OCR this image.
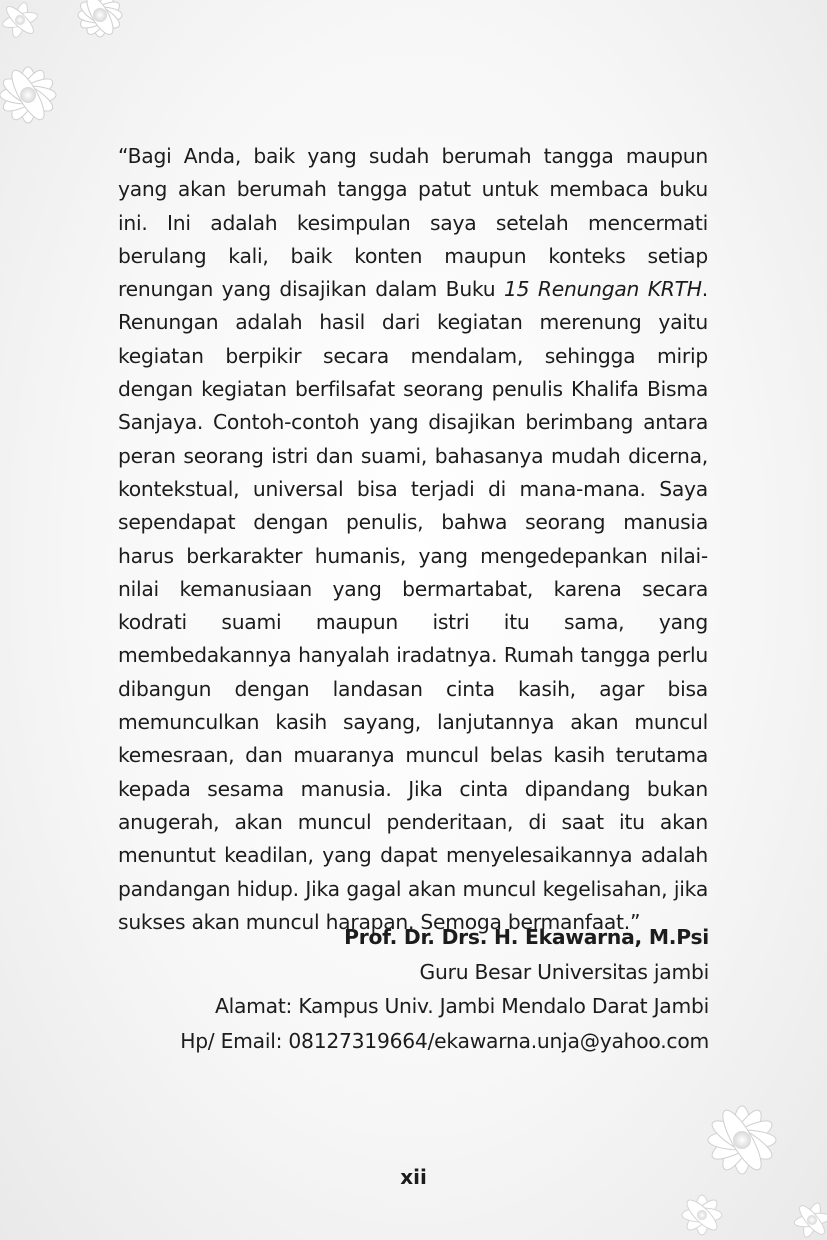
“Bagi Anda, baik yang sudah berumah tangga maupun yang akan berumah tangga patut untuk membaca buku ini. Ini adalah kesimpulan saya setelah mencermati berulang kali, baik konten maupun konteks setiap renungan yang disajikan dalam Buku 15 Renungan KRTH. Renungan adalah hasil dari kegiatan merenung yaitu kegiatan berpikir secara mendalam, sehingga mirip dengan kegiatan berfilsafat seorang penulis Khalifa Bisma Sanjaya. Contoh-contoh yang disajikan berimbang antara peran seorang istri dan suami, bahasanya mudah dicerna, kontekstual, universal bisa terjadi di mana-mana. Saya sependapat dengan penulis, bahwa seorang manusia harus berkarakter humanis, yang mengedepankan nilai-nilai kemanusiaan yang bermartabat, karena secara kodrati suami maupun istri itu sama, yang membedakannya hanyalah iradatnya. Rumah tangga perlu dibangun dengan landasan cinta kasih, agar bisa memunculkan kasih sayang, lanjutannya akan muncul kemesraan, dan muaranya muncul belas kasih terutama kepada sesama manusia. Jika cinta dipandang bukan anugerah, akan muncul penderitaan, di saat itu akan menuntut keadilan, yang dapat menyelesaikannya adalah pandangan hidup. Jika gagal akan muncul kegelisahan, jika sukses akan muncul harapan. Semoga bermanfaat.”

Prof. Dr. Drs. H. Ekawarna, M.Psi
Guru Besar Universitas jambi
Alamat: Kampus Univ. Jambi Mendalo Darat Jambi
Hp/ Email: 08127319664/ekawarna.unja@yahoo.com
xii
